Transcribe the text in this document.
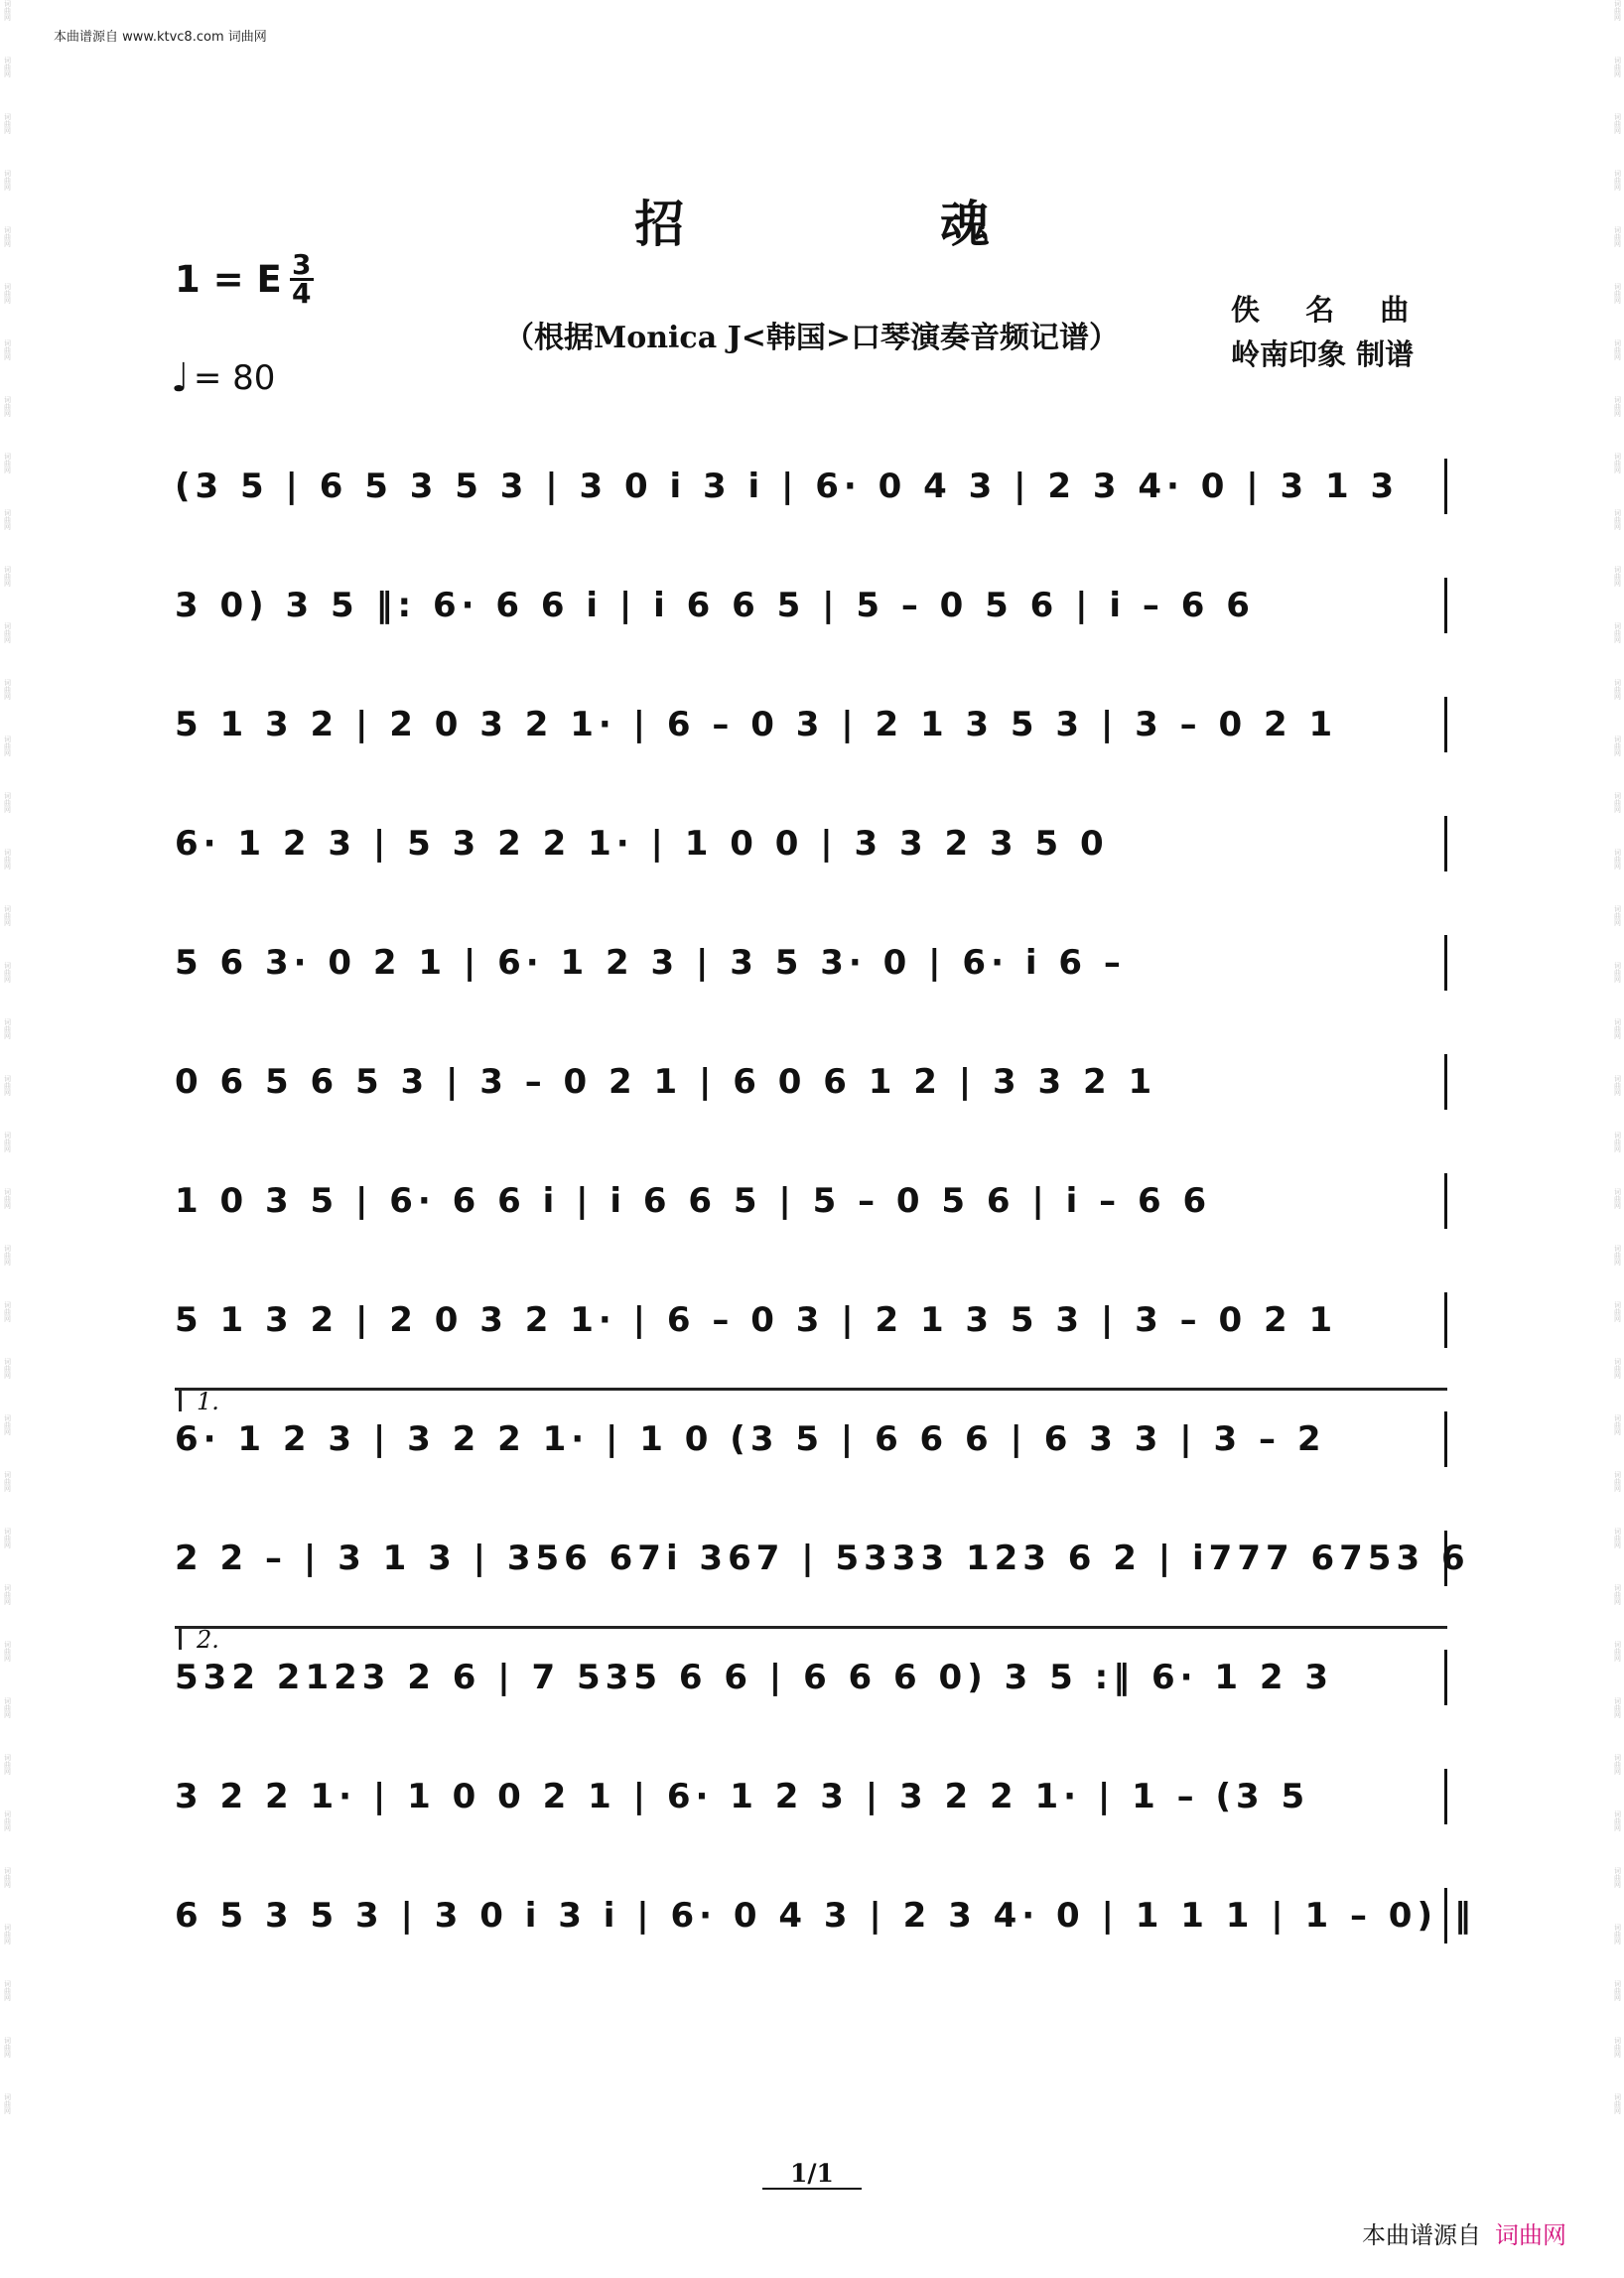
词曲网
词曲网
词曲网
词曲网
词曲网
词曲网
词曲网
词曲网
词曲网
词曲网
词曲网
词曲网
词曲网
词曲网
词曲网
词曲网
词曲网
词曲网
词曲网
词曲网
词曲网
词曲网
词曲网
词曲网
词曲网
词曲网
词曲网
词曲网
词曲网
词曲网
词曲网
词曲网
词曲网
词曲网
词曲网
词曲网
词曲网
词曲网
词曲网
词曲网
词曲网
词曲网
词曲网
词曲网
词曲网
词曲网
词曲网
词曲网
词曲网
词曲网
词曲网
词曲网
词曲网
词曲网
词曲网
词曲网
词曲网
词曲网
词曲网
词曲网
词曲网
词曲网
词曲网
词曲网
词曲网
词曲网
词曲网
词曲网
词曲网
词曲网
词曲网
词曲网
词曲网
词曲网
词曲网
词曲网
本曲谱源自 www.ktvc8.com 词曲网
招 魂
1 = E 3
4
（根据Monica J<韩国>口琴演奏音频记谱）
佚 名 曲
岭南印象 制谱
♩ = 80
(3 5 | 6 5 3 5 3 | 3 0 i 3 i | 6· 0 4 3 | 2 3 4· 0 | 3 1 3
3 0) 3 5 ‖: 6· 6 6 i | i 6 6 5 | 5 – 0 5 6 | i – 6 6
5 1 3 2 | 2 0 3 2 1· | 6 – 0 3 | 2 1 3 5 3 | 3 – 0 2 1
6· 1 2 3 | 5 3 2 2 1· | 1 0 0 | 3 3 2 3 5 0
5 6 3· 0 2 1 | 6· 1 2 3 | 3 5 3· 0 | 6· i 6 –
0 6 5 6 5 3 | 3 – 0 2 1 | 6 0 6 1 2 | 3 3 2 1
1 0 3 5 | 6· 6 6 i | i 6 6 5 | 5 – 0 5 6 | i – 6 6
5 1 3 2 | 2 0 3 2 1· | 6 – 0 3 | 2 1 3 5 3 | 3 – 0 2 1
1.
6· 1 2 3 | 3 2 2 1· | 1 0 (3 5 | 6 6 6 | 6 3 3 | 3 – 2
2 2 – | 3 1 3 | 356 67i 367 | 5333 123 6 2 | i777 6753 6
2.
532 2123 2 6 | 7 535 6 6 | 6 6 6 0) 3 5 :‖ 6· 1 2 3
3 2 2 1· | 1 0 0 2 1 | 6· 1 2 3 | 3 2 2 1· | 1 – (3 5
6 5 3 5 3 | 3 0 i 3 i | 6· 0 4 3 | 2 3 4· 0 | 1 1 1 | 1 – 0) ‖
1/1
本曲谱源自 词曲网
